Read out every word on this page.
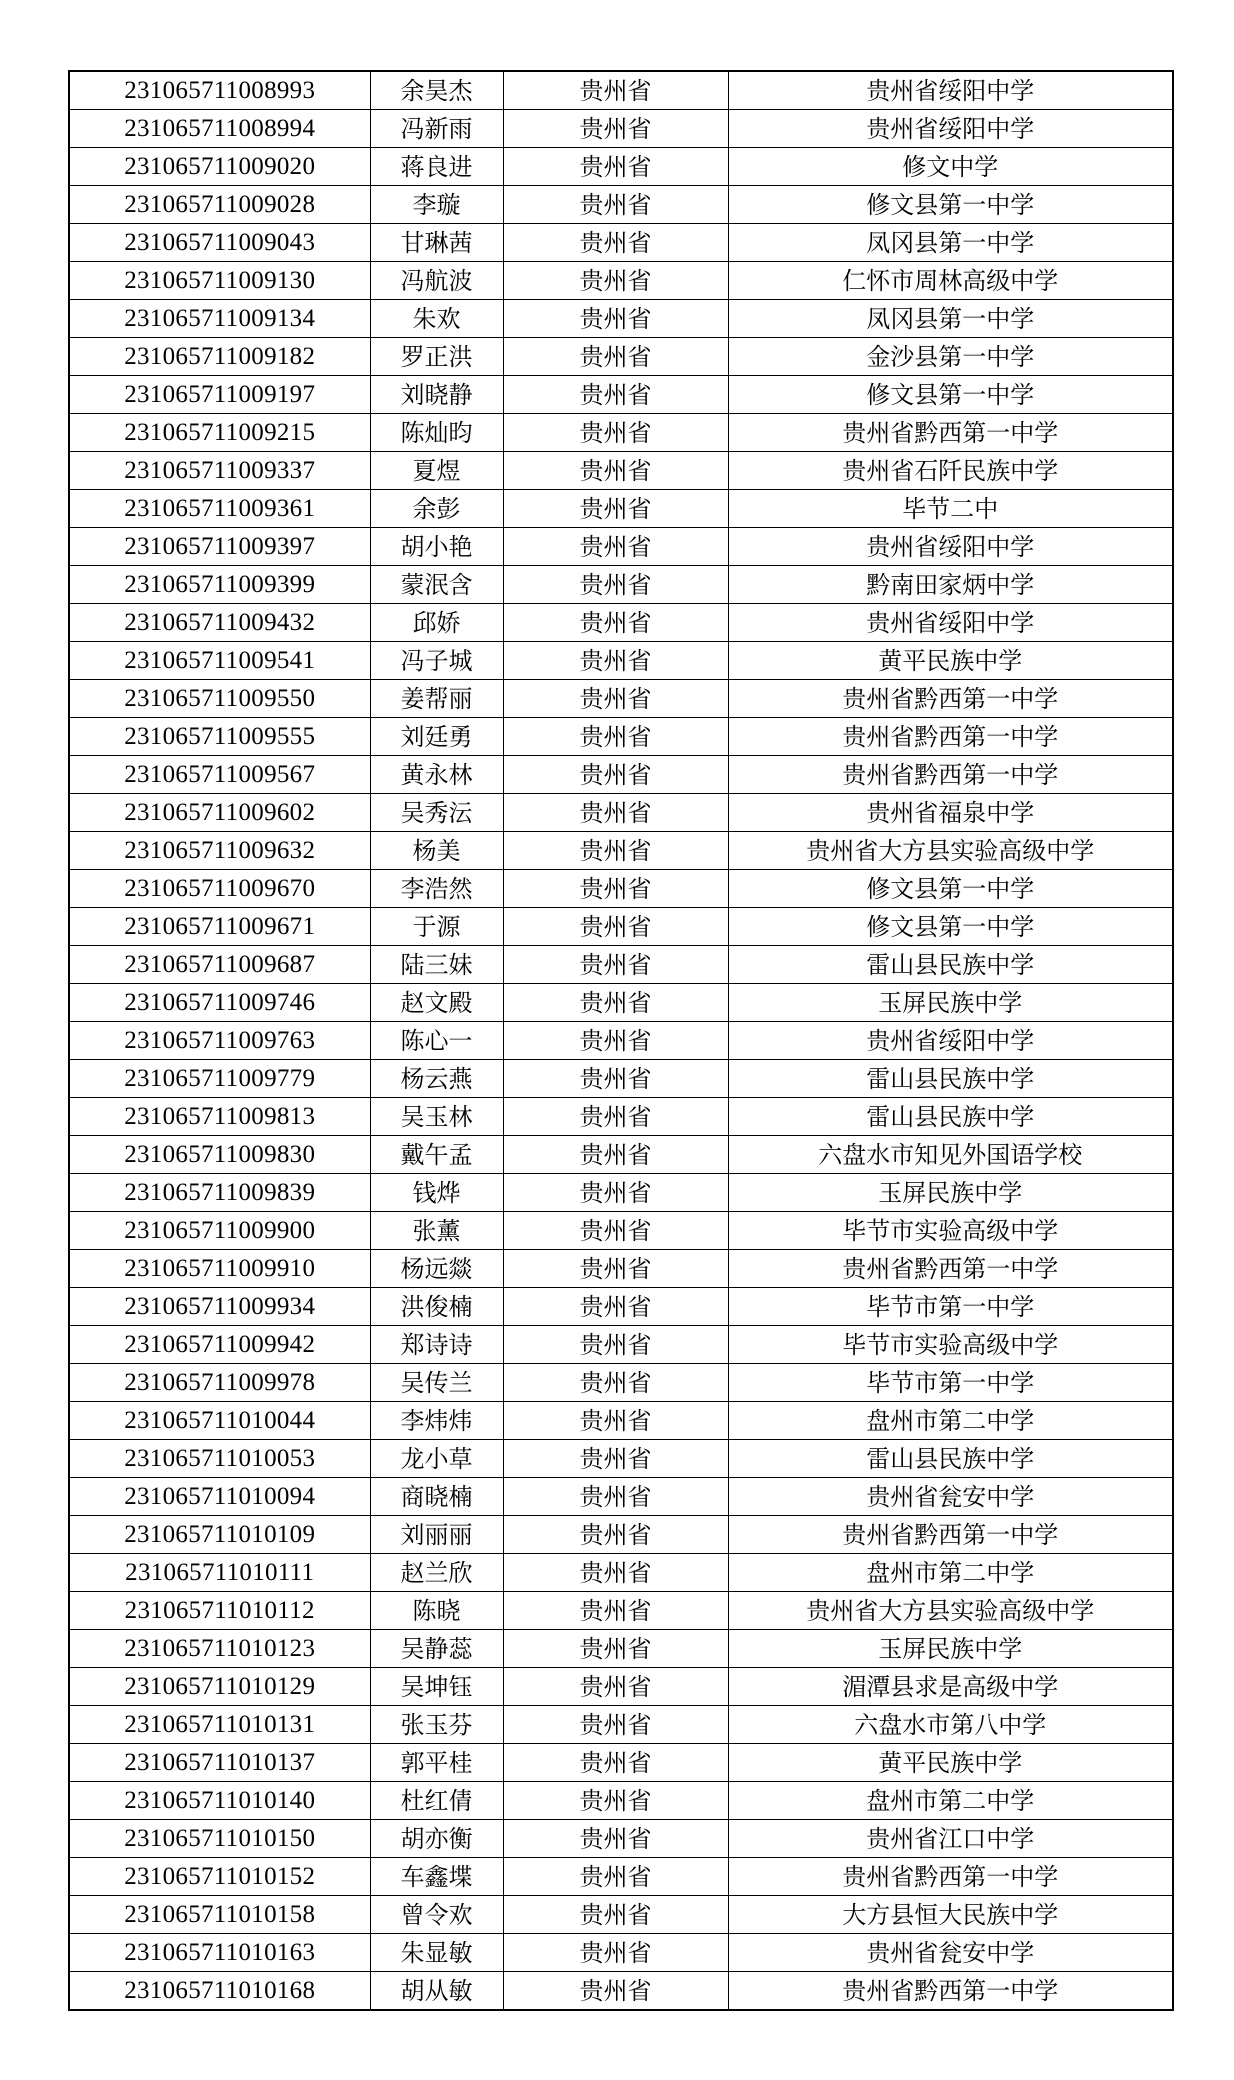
231065711008993	余昊杰	贵州省	贵州省绥阳中学
231065711008994	冯新雨	贵州省	贵州省绥阳中学
231065711009020	蒋良进	贵州省	修文中学
231065711009028	李璇	贵州省	修文县第一中学
231065711009043	甘琳茜	贵州省	凤冈县第一中学
231065711009130	冯航波	贵州省	仁怀市周林高级中学
231065711009134	朱欢	贵州省	凤冈县第一中学
231065711009182	罗正洪	贵州省	金沙县第一中学
231065711009197	刘晓静	贵州省	修文县第一中学
231065711009215	陈灿昀	贵州省	贵州省黔西第一中学
231065711009337	夏煜	贵州省	贵州省石阡民族中学
231065711009361	余彭	贵州省	毕节二中
231065711009397	胡小艳	贵州省	贵州省绥阳中学
231065711009399	蒙泯含	贵州省	黔南田家炳中学
231065711009432	邱娇	贵州省	贵州省绥阳中学
231065711009541	冯子城	贵州省	黄平民族中学
231065711009550	姜帮丽	贵州省	贵州省黔西第一中学
231065711009555	刘廷勇	贵州省	贵州省黔西第一中学
231065711009567	黄永林	贵州省	贵州省黔西第一中学
231065711009602	吴秀沄	贵州省	贵州省福泉中学
231065711009632	杨美	贵州省	贵州省大方县实验高级中学
231065711009670	李浩然	贵州省	修文县第一中学
231065711009671	于源	贵州省	修文县第一中学
231065711009687	陆三妹	贵州省	雷山县民族中学
231065711009746	赵文殿	贵州省	玉屏民族中学
231065711009763	陈心一	贵州省	贵州省绥阳中学
231065711009779	杨云燕	贵州省	雷山县民族中学
231065711009813	吴玉林	贵州省	雷山县民族中学
231065711009830	戴午孟	贵州省	六盘水市知见外国语学校
231065711009839	钱烨	贵州省	玉屏民族中学
231065711009900	张薰	贵州省	毕节市实验高级中学
231065711009910	杨远燚	贵州省	贵州省黔西第一中学
231065711009934	洪俊楠	贵州省	毕节市第一中学
231065711009942	郑诗诗	贵州省	毕节市实验高级中学
231065711009978	吴传兰	贵州省	毕节市第一中学
231065711010044	李炜炜	贵州省	盘州市第二中学
231065711010053	龙小草	贵州省	雷山县民族中学
231065711010094	商晓楠	贵州省	贵州省瓮安中学
231065711010109	刘丽丽	贵州省	贵州省黔西第一中学
231065711010111	赵兰欣	贵州省	盘州市第二中学
231065711010112	陈晓	贵州省	贵州省大方县实验高级中学
231065711010123	吴静蕊	贵州省	玉屏民族中学
231065711010129	吴坤钰	贵州省	湄潭县求是高级中学
231065711010131	张玉芬	贵州省	六盘水市第八中学
231065711010137	郭平桂	贵州省	黄平民族中学
231065711010140	杜红倩	贵州省	盘州市第二中学
231065711010150	胡亦衡	贵州省	贵州省江口中学
231065711010152	车鑫堞	贵州省	贵州省黔西第一中学
231065711010158	曾令欢	贵州省	大方县恒大民族中学
231065711010163	朱显敏	贵州省	贵州省瓮安中学
231065711010168	胡从敏	贵州省	贵州省黔西第一中学
